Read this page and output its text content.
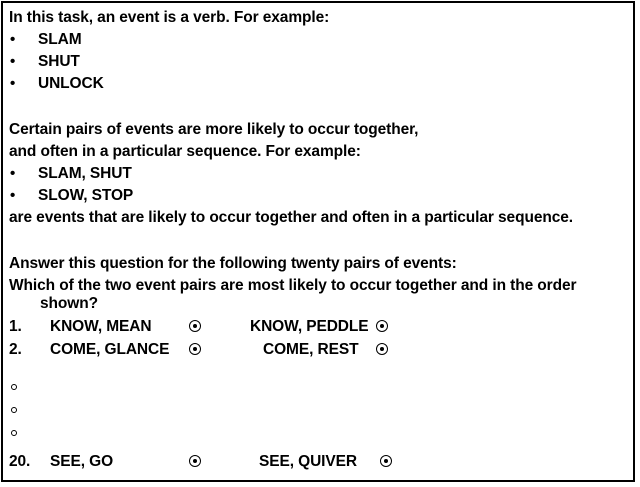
In this task, an event is a verb. For example:
• SLAM
• SHUT
• UNLOCK
Certain pairs of events are more likely to occur together,
and often in a particular sequence. For example:
• SLAM, SHUT
• SLOW, STOP
are events that are likely to occur together and often in a particular sequence.
Answer this question for the following twenty pairs of events:
Which of the two event pairs are most likely to occur together and in the order
shown?
1. KNOW, MEAN	KNOW, PEDDLE
2. COME, GLANCE	COME, REST
20. SEE, GO	SEE, QUIVER
